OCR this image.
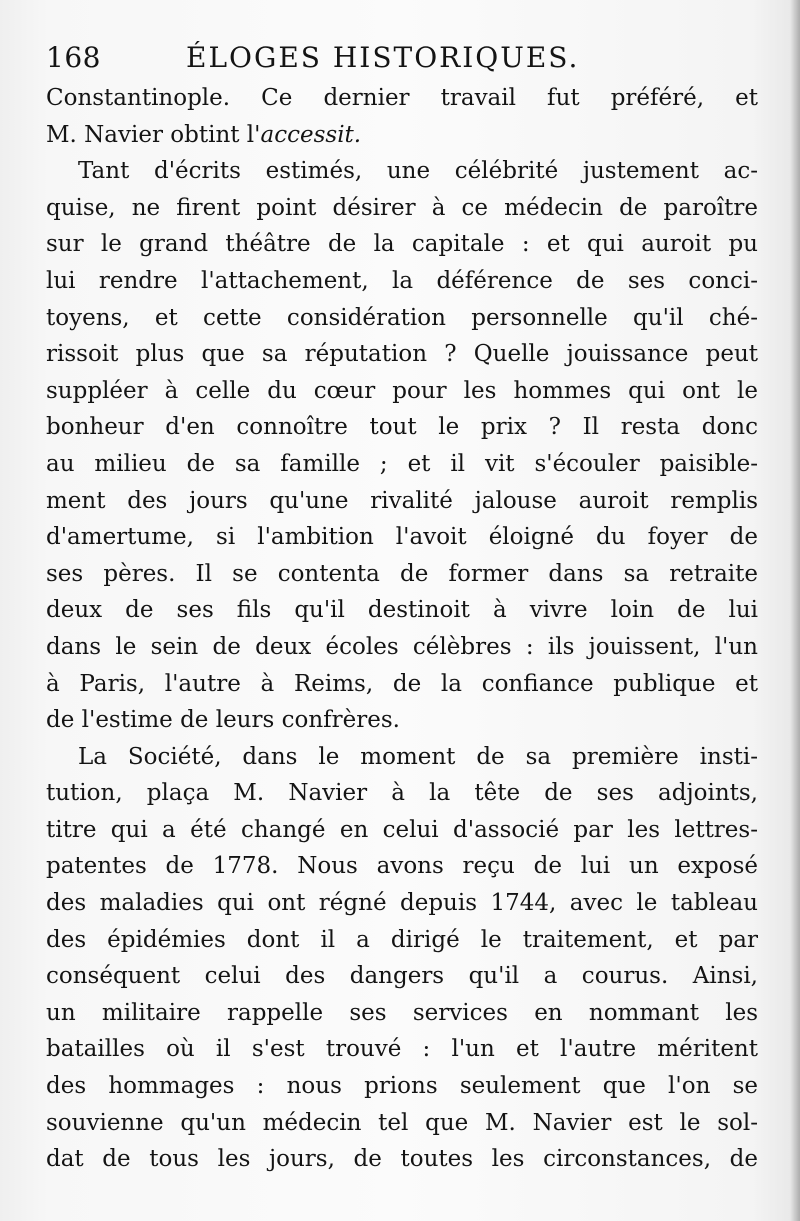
168	ÉLOGES HISTORIQUES.

Constantinople. Ce dernier travail fut préféré, et
M. Navier obtint l'accessit.

Tant d'écrits estimés, une célébrité justement ac-
quise, ne firent point désirer à ce médecin de paroître
sur le grand théâtre de la capitale : et qui auroit pu
lui rendre l'attachement, la déférence de ses conci-
toyens, et cette considération personnelle qu'il ché-
rissoit plus que sa réputation ? Quelle jouissance peut
suppléer à celle du cœur pour les hommes qui ont le
bonheur d'en connoître tout le prix ? Il resta donc
au milieu de sa famille ; et il vit s'écouler paisible-
ment des jours qu'une rivalité jalouse auroit remplis
d'amertume, si l'ambition l'avoit éloigné du foyer de
ses pères. Il se contenta de former dans sa retraite
deux de ses fils qu'il destinoit à vivre loin de lui
dans le sein de deux écoles célèbres : ils jouissent, l'un
à Paris, l'autre à Reims, de la confiance publique et
de l'estime de leurs confrères.

La Société, dans le moment de sa première insti-
tution, plaça M. Navier à la tête de ses adjoints,
titre qui a été changé en celui d'associé par les lettres-
patentes de 1778. Nous avons reçu de lui un exposé
des maladies qui ont régné depuis 1744, avec le tableau
des épidémies dont il a dirigé le traitement, et par
conséquent celui des dangers qu'il a courus. Ainsi,
un militaire rappelle ses services en nommant les
batailles où il s'est trouvé : l'un et l'autre méritent
des hommages : nous prions seulement que l'on se
souvienne qu'un médecin tel que M. Navier est le sol-
dat de tous les jours, de toutes les circonstances, de
